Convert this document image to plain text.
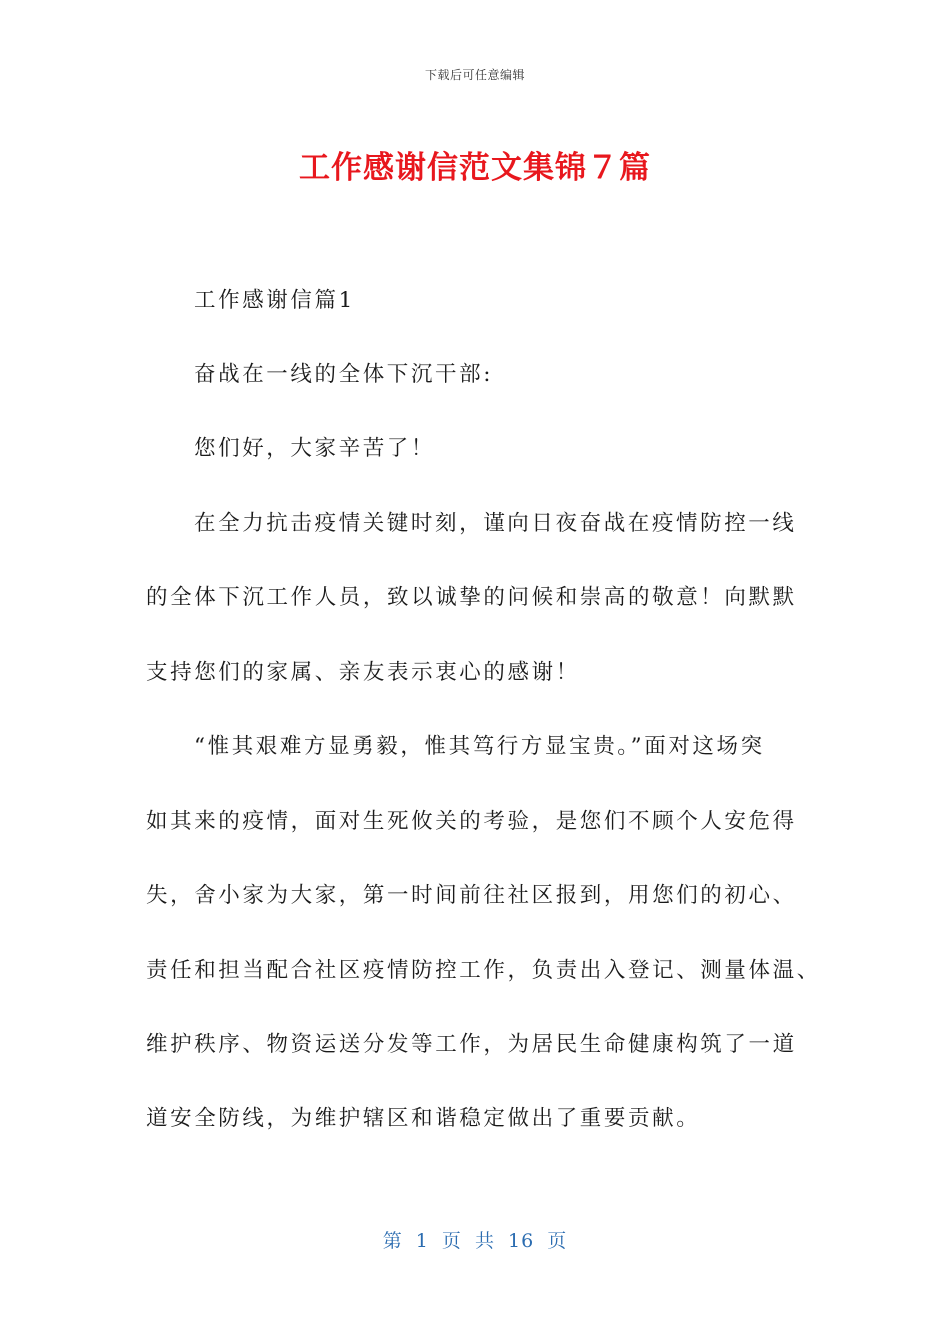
下载后可任意编辑
工作感谢信范文集锦７篇
工作感谢信篇1
奋战在一线的全体下沉干部:
您们好，大家辛苦了！
在全力抗击疫情关键时刻，谨向日夜奋战在疫情防控一线
的全体下沉工作人员，致以诚挚的问候和崇高的敬意！向默默
支持您们的家属、亲友表示衷心的感谢！
“惟其艰难方显勇毅，惟其笃行方显宝贵。”面对这场突
如其来的疫情，面对生死攸关的考验，是您们不顾个人安危得
失，舍小家为大家，第一时间前往社区报到，用您们的初心、
责任和担当配合社区疫情防控工作，负责出入登记、测量体温、
维护秩序、物资运送分发等工作，为居民生命健康构筑了一道
道安全防线，为维护辖区和谐稳定做出了重要贡献。
第 1 页 共 16 页
